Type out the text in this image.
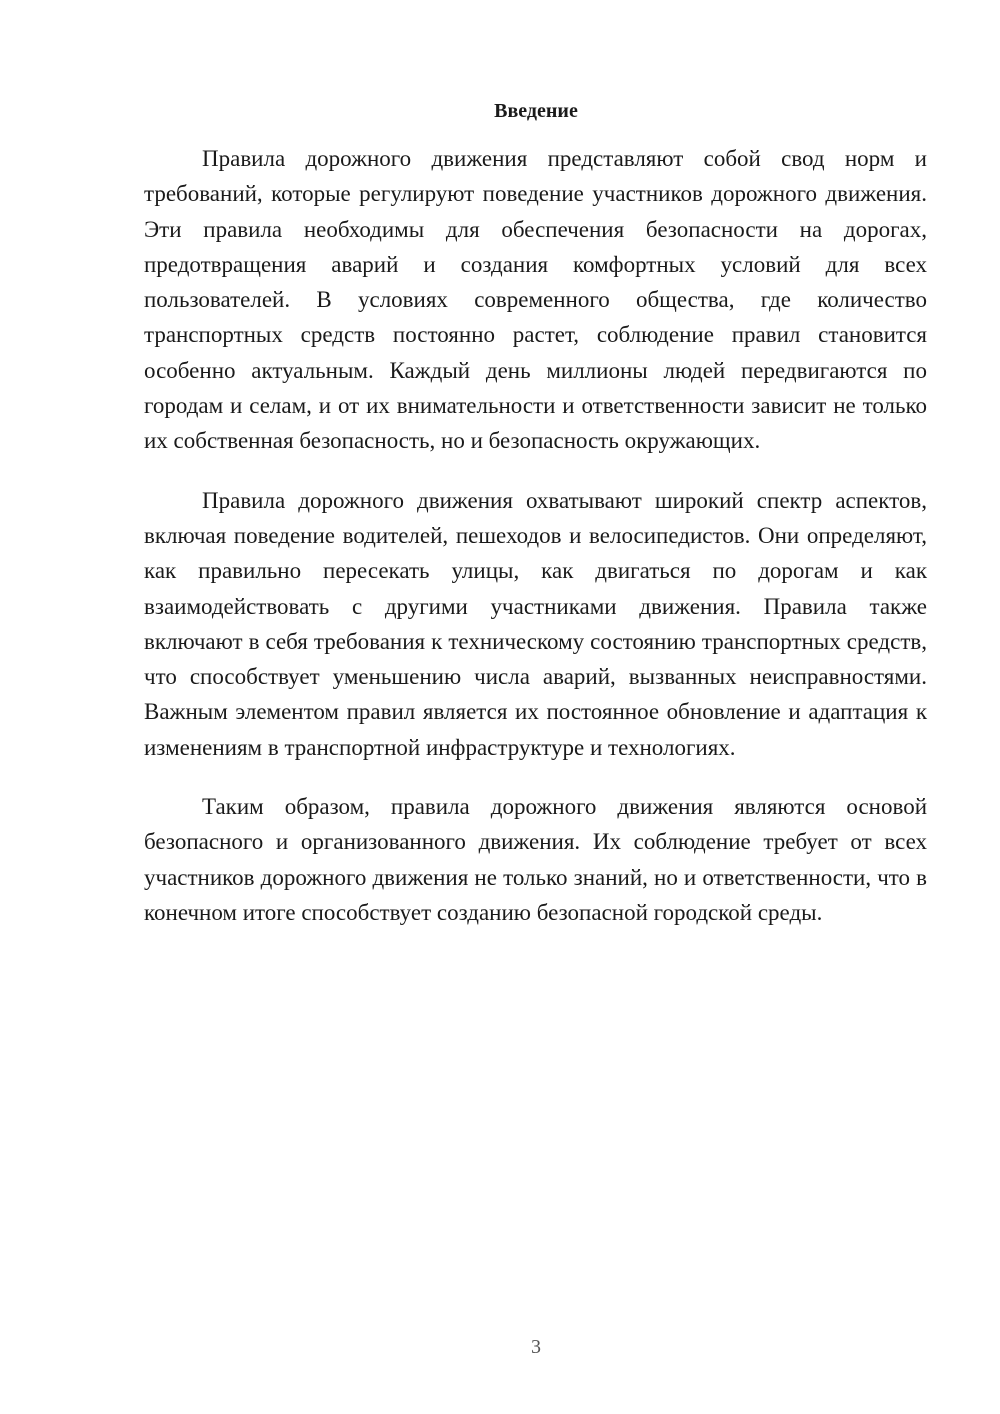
Введение

Правила дорожного движения представляют собой свод норм и требований, которые регулируют поведение участников дорожного движения. Эти правила необходимы для обеспечения безопасности на дорогах, предотвращения аварий и создания комфортных условий для всех пользователей. В условиях современного общества, где количество транспортных средств постоянно растет, соблюдение правил становится особенно актуальным. Каждый день миллионы людей передвигаются по городам и селам, и от их внимательности и ответственности зависит не только их собственная безопасность, но и безопасность окружающих.

Правила дорожного движения охватывают широкий спектр аспектов, включая поведение водителей, пешеходов и велосипедистов. Они определяют, как правильно пересекать улицы, как двигаться по дорогам и как взаимодействовать с другими участниками движения. Правила также включают в себя требования к техническому состоянию транспортных средств, что способствует уменьшению числа аварий, вызванных неисправностями. Важным элементом правил является их постоянное обновление и адаптация к изменениям в транспортной инфраструктуре и технологиях.

Таким образом, правила дорожного движения являются основой безопасного и организованного движения. Их соблюдение требует от всех участников дорожного движения не только знаний, но и ответственности, что в конечном итоге способствует созданию безопасной городской среды.

3
